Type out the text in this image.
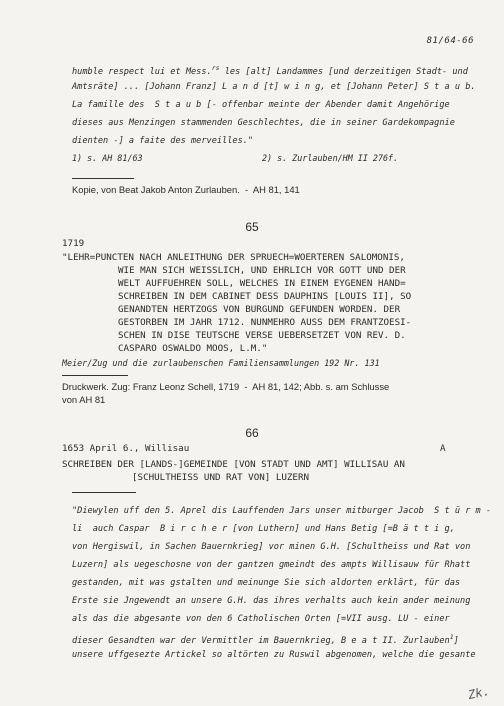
81/64-66
humble respect lui et Mess.$^{rs}$ les [alt] Landammes [und derzeitigen Stadt- und
Amtsräte] ... [Johann Franz] L a n d [t] w i n g, et [Johann Peter] S t a u b.
La famille des  S t a u b [- offenbar meinte der Abender damit Angehörige
dieses aus Menzingen stammenden Geschlechtes, die in seiner Gardekompagnie
dienten -] a faite des merveilles."
1) s. AH 81/63	2) s. Zurlauben/HM II 276f.
Kopie, von Beat Jakob Anton Zurlauben.  -  AH 81, 141
65
1719
"LEHR=PUNCTEN NACH ANLEITHUNG DER SPRUECH=WOERTEREN SALOMONIS,
WIE MAN SICH WEISSLICH, UND EHRLICH VOR GOTT UND DER
WELT AUFFUEHREN SOLL, WELCHES IN EINEM EYGENEN HAND=
SCHREIBEN IN DEM CABINET DESS DAUPHINS [LOUIS II], SO
GENANDTEN HERTZOGS VON BURGUND GEFUNDEN WORDEN. DER
GESTORBEN IM JAHR 1712. NUNMEHRO AUSS DEM FRANTZOESI-
SCHEN IN DISE TEUTSCHE VERSE UEBERSETZET VON REV. D.
CASPARO OSWALDO MOOS, L.M."
Meier/Zug und die zurlaubenschen Familiensammlungen 192 Nr. 131
Druckwerk. Zug: Franz Leonz Schell, 1719  -  AH 81, 142; Abb. s. am Schlusse
von AH 81
66
1653 April 6., Willisau	A
SCHREIBEN DER [LANDS-]GEMEINDE [VON STADT UND AMT] WILLISAU AN
[SCHULTHEISS UND RAT VON] LUZERN
"Diewylen uff den 5. Aprel dis Lauffenden Jars unser mitburger Jacob  S t ü r m -
li  auch Caspar  B i r c h e r [von Luthern] und Hans Betig [=B ä t t i g,
von Hergiswil, in Sachen Bauernkrieg] vor minen G.H. [Schultheiss und Rat von
Luzern] als uegeschosne von der gantzen gmeindt des ampts Willisauw für Rhatt
gestanden, mit was gstalten und meinunge Sie sich aldorten erklärt, für das
Erste sie Jngewendt an unsere G.H. das ihres verhalts auch kein ander meinung
als das die abgesante von den 6 Catholischen Orten [=VII ausg. LU - einer
dieser Gesandten war der Vermittler im Bauernkrieg, B e a t II. Zurlauben$^1$]
unsere uffgesezte Artickel so altörten zu Ruswil abgenomen, welche die gesante
Zk.
